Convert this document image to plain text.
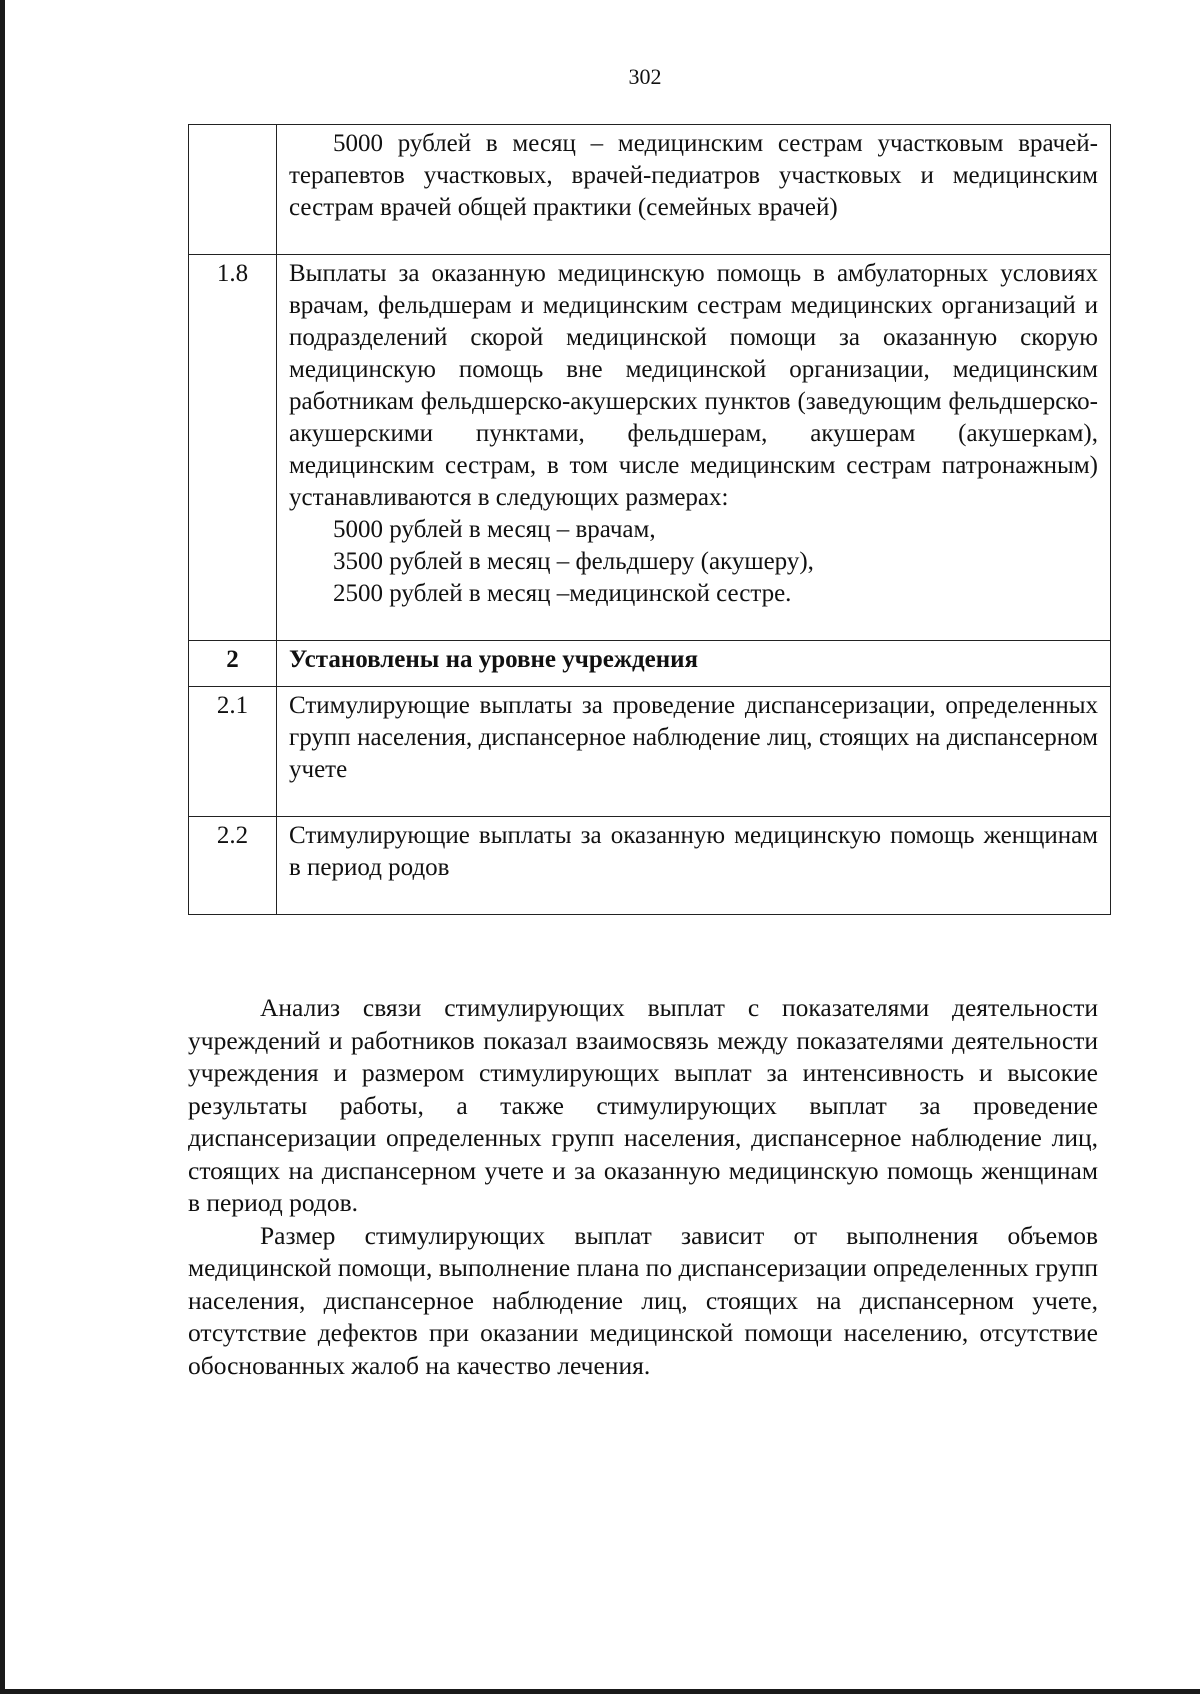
302

	5000 рублей в месяц – медицинским сестрам участковым врачей-терапевтов участковых, врачей-педиатров участковых и медицинским сестрам врачей общей практики (семейных врачей)

1.8	Выплаты за оказанную медицинскую помощь в амбулаторных условиях врачам, фельдшерам и медицинским сестрам медицинских организаций и подразделений скорой медицинской помощи за оказанную скорую медицинскую помощь вне медицинской организации, медицинским работникам фельдшерско-акушерских пунктов (заведующим фельдшерско-акушерскими пунктами, фельдшерам, акушерам (акушеркам), медицинским сестрам, в том числе медицинским сестрам патронажным) устанавливаются в следующих размерах:
5000 рублей в месяц – врачам,
3500 рублей в месяц – фельдшеру (акушеру),
2500 рублей в месяц –медицинской сестре.

2	Установлены на уровне учреждения

2.1	Стимулирующие выплаты за проведение диспансеризации, определенных групп населения, диспансерное наблюдение лиц, стоящих на диспансерном учете

2.2	Стимулирующие выплаты за оказанную медицинскую помощь женщинам в период родов

Анализ связи стимулирующих выплат с показателями деятельности учреждений и работников показал взаимосвязь между показателями деятельности учреждения и размером стимулирующих выплат за интенсивность и высокие результаты работы, а также стимулирующих выплат за проведение диспансеризации определенных групп населения, диспансерное наблюдение лиц, стоящих на диспансерном учете и за оказанную медицинскую помощь женщинам в период родов.

Размер стимулирующих выплат зависит от выполнения объемов медицинской помощи, выполнение плана по диспансеризации определенных групп населения, диспансерное наблюдение лиц, стоящих на диспансерном учете, отсутствие дефектов при оказании медицинской помощи населению, отсутствие обоснованных жалоб на качество лечения.
